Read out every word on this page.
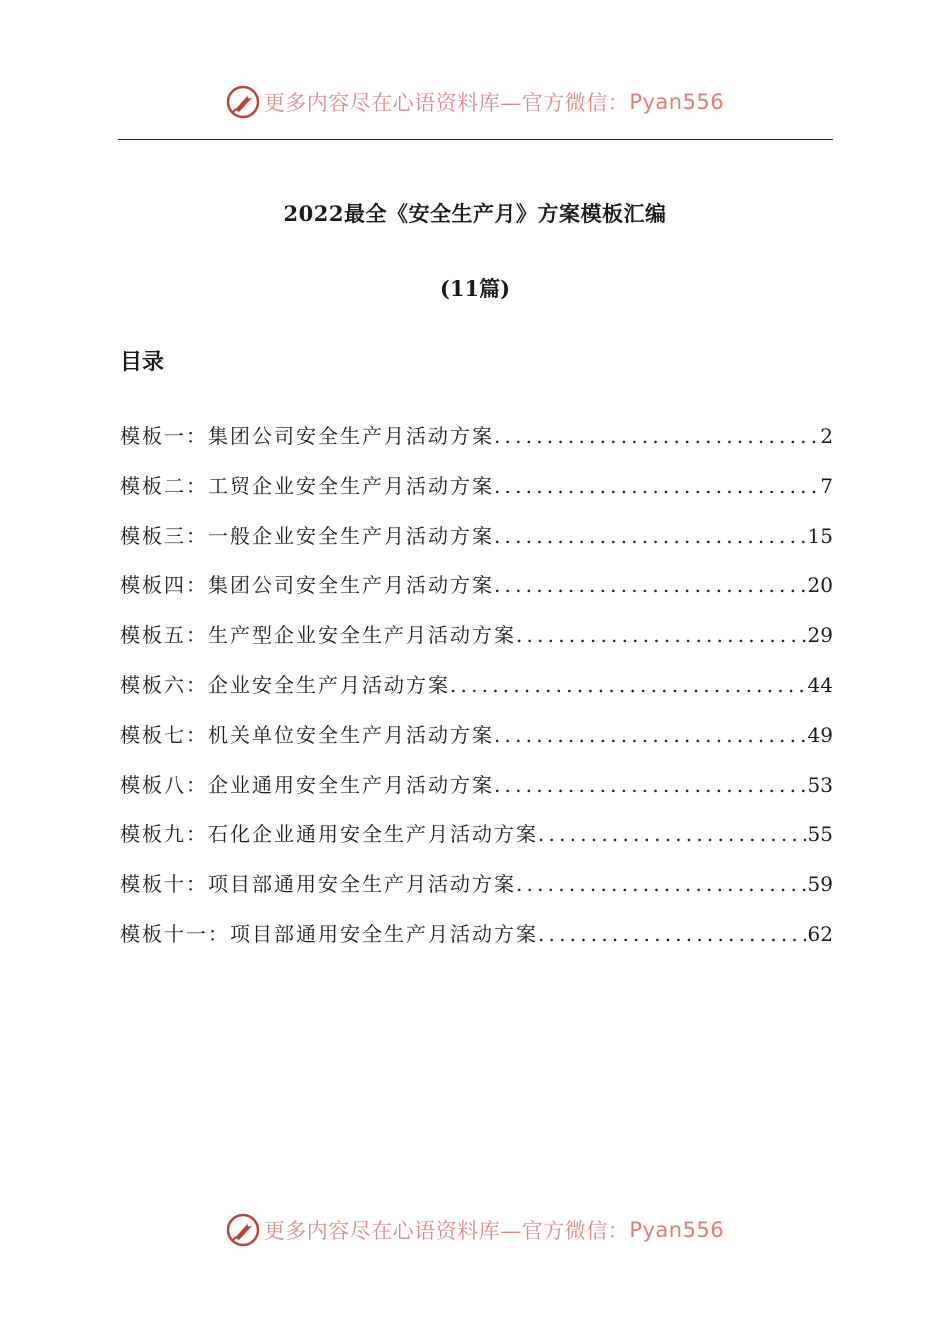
更多内容尽在心语资料库—官方微信： Pyan556
2022最全《安全生产月》方案模板汇编
(11篇)
目录
模板一：集团公司安全生产月活动方案 .....	2
模板二：工贸企业安全生产月活动方案 .....	7
模板三：一般企业安全生产月活动方案 .....	15
模板四：集团公司安全生产月活动方案 .....	20
模板五：生产型企业安全生产月活动方案 .....	29
模板六：企业安全生产月活动方案 .....	44
模板七：机关单位安全生产月活动方案 .....	49
模板八：企业通用安全生产月活动方案 .....	53
模板九：石化企业通用安全生产月活动方案 .....	55
模板十：项目部通用安全生产月活动方案 .....	59
模板十一：项目部通用安全生产月活动方案 .....	62
更多内容尽在心语资料库—官方微信： Pyan556
